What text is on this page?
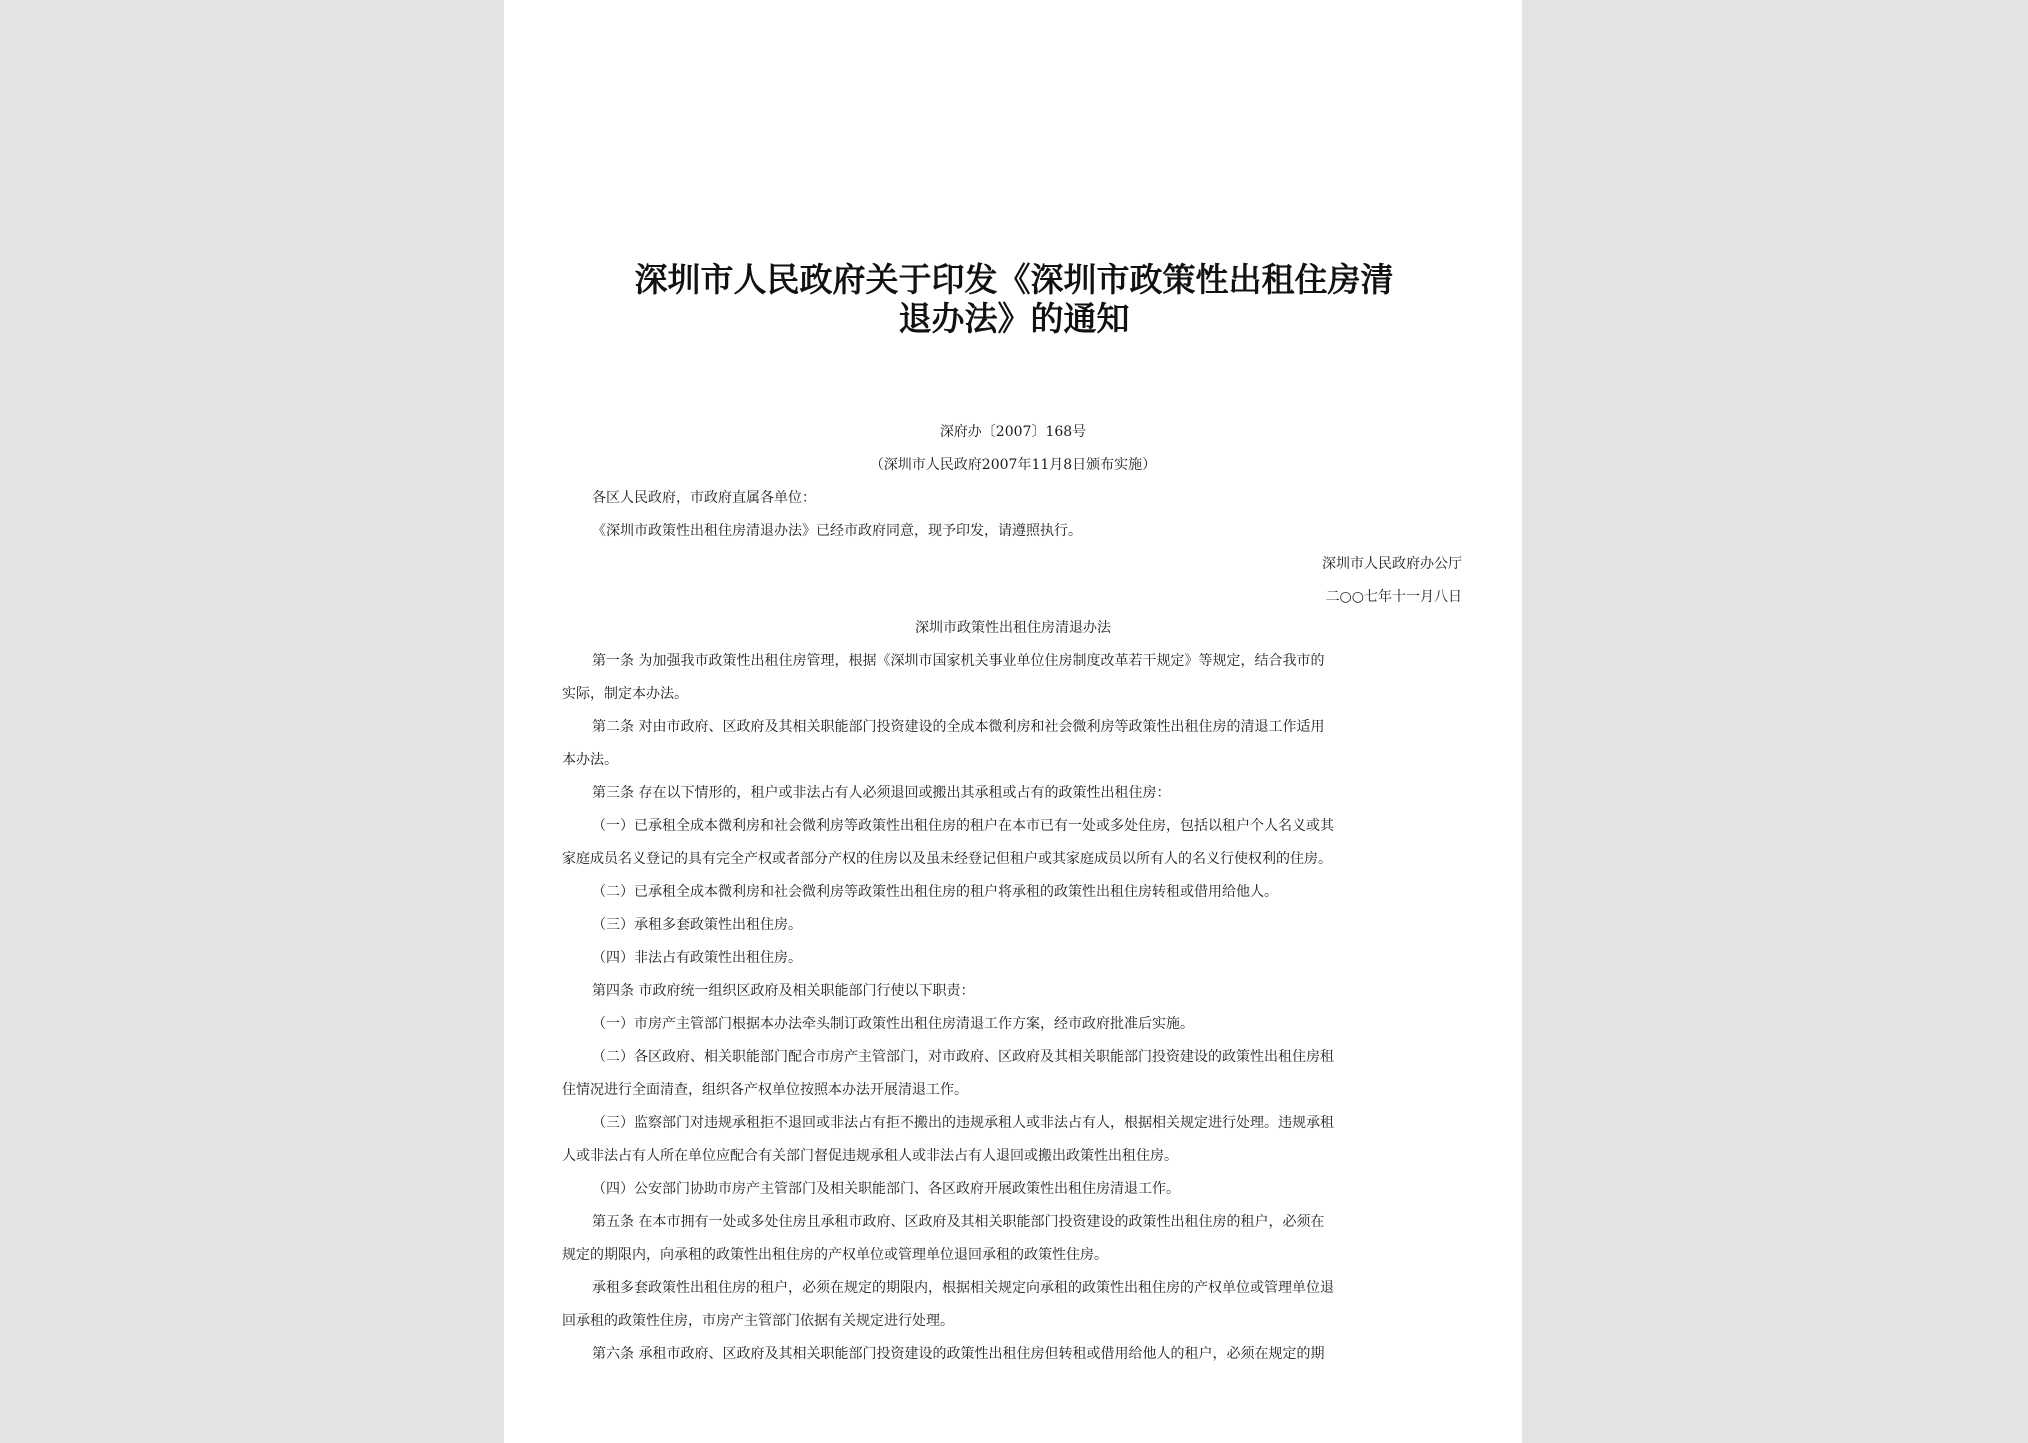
深圳市人民政府关于印发《深圳市政策性出租住房清
退办法》的通知
深府办〔2007〕168号
（深圳市人民政府2007年11月8日颁布实施）
各区人民政府，市政府直属各单位：
《深圳市政策性出租住房清退办法》已经市政府同意，现予印发，请遵照执行。
深圳市人民政府办公厅
二○○七年十一月八日
深圳市政策性出租住房清退办法
第一条 为加强我市政策性出租住房管理，根据《深圳市国家机关事业单位住房制度改革若干规定》等规定，结合我市的
实际，制定本办法。
第二条 对由市政府、区政府及其相关职能部门投资建设的全成本微利房和社会微利房等政策性出租住房的清退工作适用
本办法。
第三条 存在以下情形的，租户或非法占有人必须退回或搬出其承租或占有的政策性出租住房：
（一）已承租全成本微利房和社会微利房等政策性出租住房的租户在本市已有一处或多处住房，包括以租户个人名义或其
家庭成员名义登记的具有完全产权或者部分产权的住房以及虽未经登记但租户或其家庭成员以所有人的名义行使权利的住房。
（二）已承租全成本微利房和社会微利房等政策性出租住房的租户将承租的政策性出租住房转租或借用给他人。
（三）承租多套政策性出租住房。
（四）非法占有政策性出租住房。
第四条 市政府统一组织区政府及相关职能部门行使以下职责：
（一）市房产主管部门根据本办法牵头制订政策性出租住房清退工作方案，经市政府批准后实施。
（二）各区政府、相关职能部门配合市房产主管部门，对市政府、区政府及其相关职能部门投资建设的政策性出租住房租
住情况进行全面清查，组织各产权单位按照本办法开展清退工作。
（三）监察部门对违规承租拒不退回或非法占有拒不搬出的违规承租人或非法占有人，根据相关规定进行处理。违规承租
人或非法占有人所在单位应配合有关部门督促违规承租人或非法占有人退回或搬出政策性出租住房。
（四）公安部门协助市房产主管部门及相关职能部门、各区政府开展政策性出租住房清退工作。
第五条 在本市拥有一处或多处住房且承租市政府、区政府及其相关职能部门投资建设的政策性出租住房的租户，必须在
规定的期限内，向承租的政策性出租住房的产权单位或管理单位退回承租的政策性住房。
承租多套政策性出租住房的租户，必须在规定的期限内，根据相关规定向承租的政策性出租住房的产权单位或管理单位退
回承租的政策性住房，市房产主管部门依据有关规定进行处理。
第六条 承租市政府、区政府及其相关职能部门投资建设的政策性出租住房但转租或借用给他人的租户，必须在规定的期
